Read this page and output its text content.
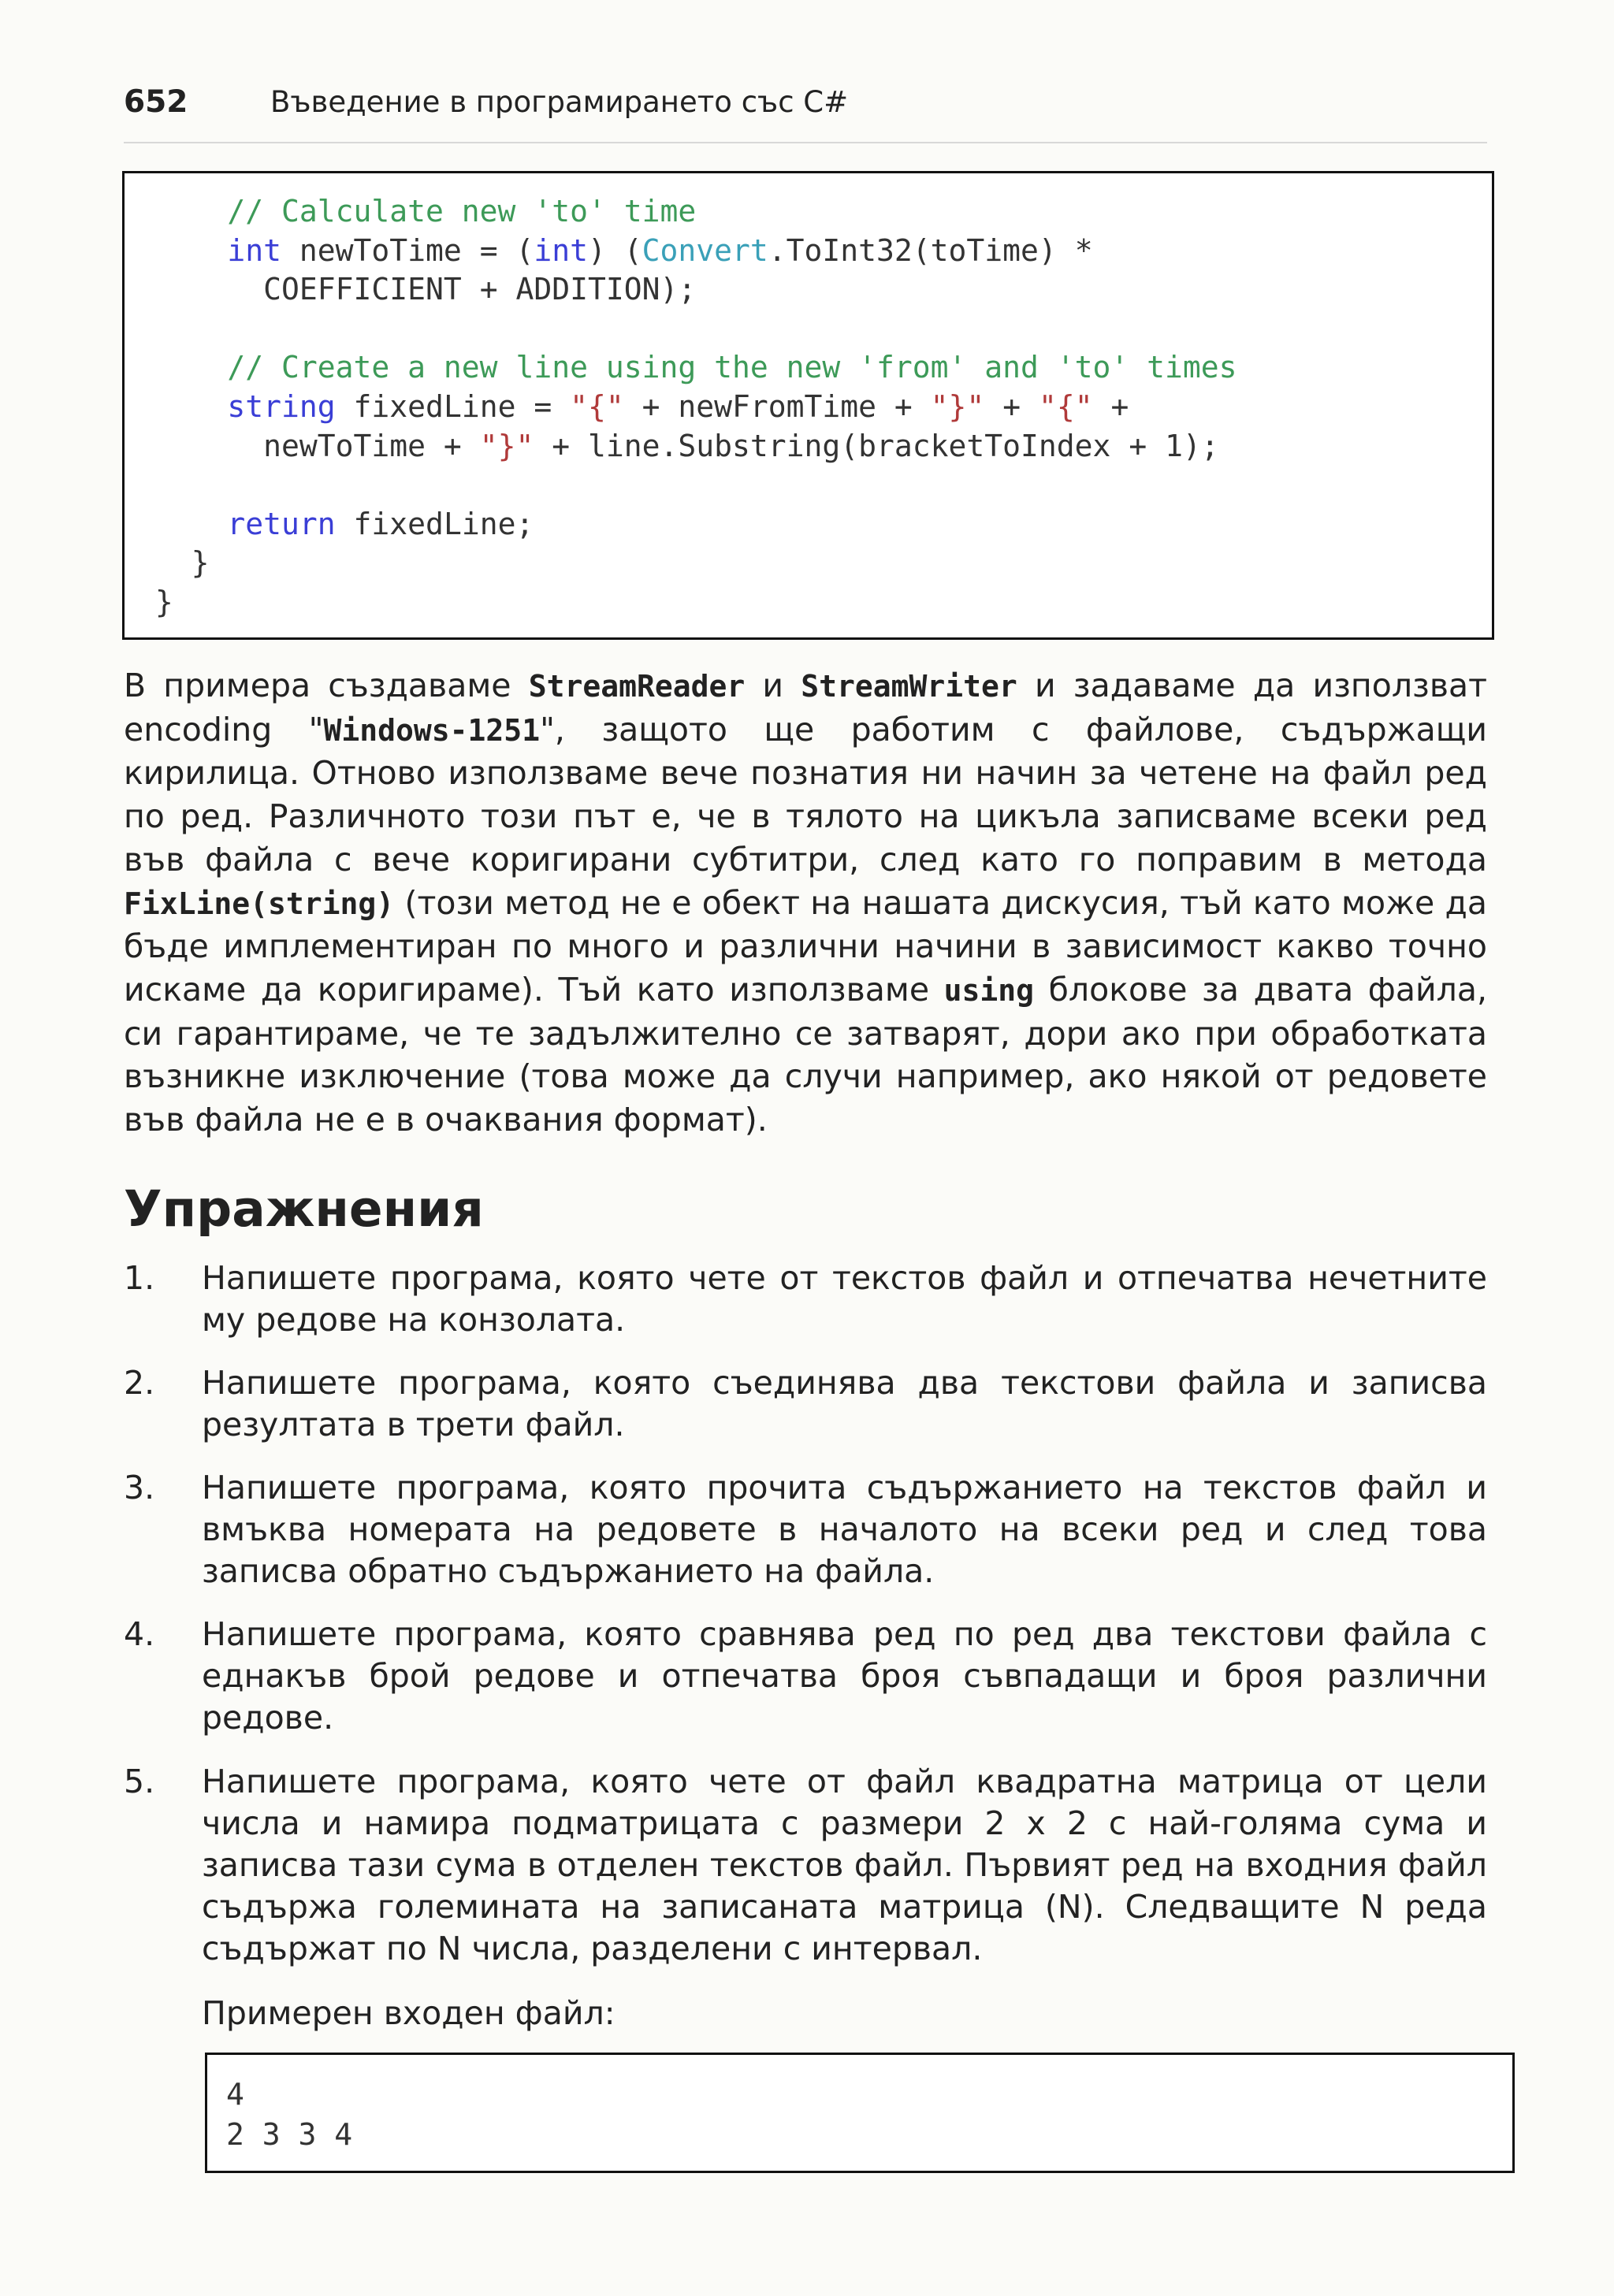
652	Въведение в програмирането със C#
// Calculate new 'to' time
int newToTime = (int) (Convert.ToInt32(toTime) *
COEFFICIENT + ADDITION);

// Create a new line using the new 'from' and 'to' times
string fixedLine = "{" + newFromTime + "}" + "{" +
newToTime + "}" + line.Substring(bracketToIndex + 1);

return fixedLine;
}
}

В примера създаваме StreamReader и StreamWriter и задаваме да използват encoding "Windows-1251", защото ще работим с файлове, съдържащи кирилица. Отново използваме вече познатия ни начин за четене на файл ред по ред. Различното този път е, че в тялото на цикъла записваме всеки ред във файла с вече коригирани субтитри, след като го поправим в метода FixLine(string) (този метод не е обект на нашата дискусия, тъй като може да бъде имплементиран по много и различни начини в зависимост какво точно искаме да коригираме). Тъй като използваме using блокове за двата файла, си гарантираме, че те задължително се затварят, дори ако при обработката възникне изключение (това може да случи например, ако някой от редовете във файла не е в очаквания формат).

Упражнения
1. Напишете програма, която чете от текстов файл и отпечатва нечетните му редове на конзолата.

2. Напишете програма, която съединява два текстови файла и записва резултата в трети файл.

3. Напишете програма, която прочита съдържанието на текстов файл и вмъква номерата на редовете в началото на всеки ред и след това записва обратно съдържанието на файла.

4. Напишете програма, която сравнява ред по ред два текстови файла с еднакъв брой редове и отпечатва броя съвпадащи и броя различни редове.

5. Напишете програма, която чете от файл квадратна матрица от цели числа и намира подматрицата с размери 2 х 2 с най-голяма сума и записва тази сума в отделен текстов файл. Първият ред на входния файл съдържа големината на записаната матрица (N). Следващите N реда съдържат по N числа, разделени с интервал.

Примерен входен файл:

4
2 3 3 4
